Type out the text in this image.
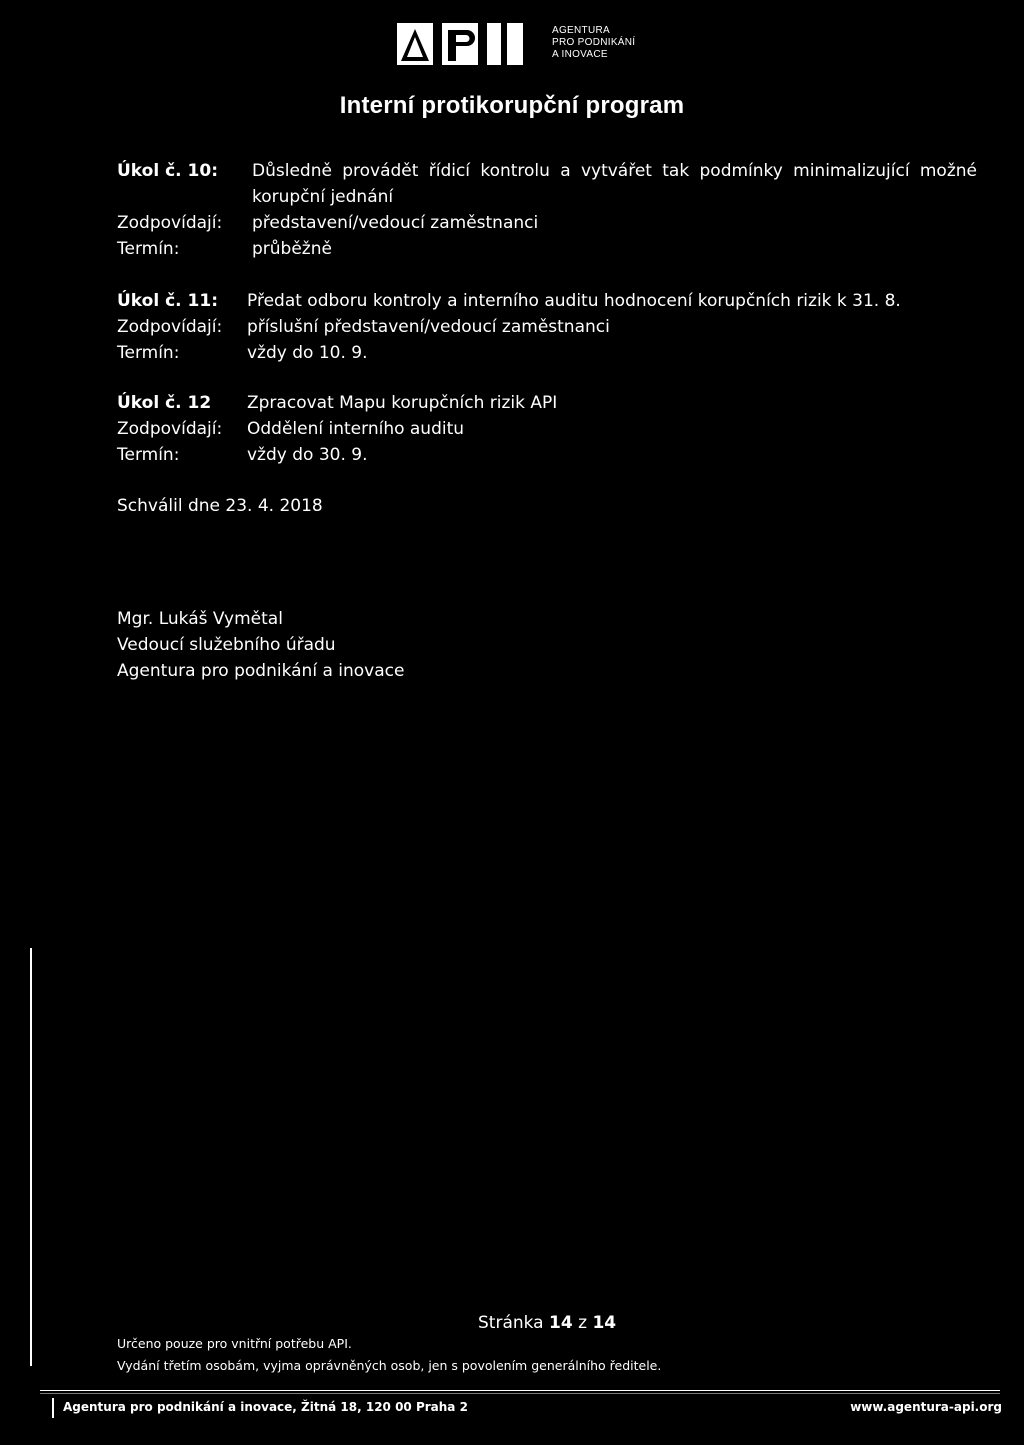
AGENTURA
PRO PODNIKÁNÍ
A INOVACE
Interní protikorupční program
Úkol č. 10:	Důsledně provádět řídicí kontrolu a vytvářet tak podmínky minimalizující možné korupční jednání
Zodpovídají:	představení/vedoucí zaměstnanci
Termín:	průběžně
Úkol č. 11:	Předat odboru kontroly a interního auditu hodnocení korupčních rizik k 31. 8.
Zodpovídají:	příslušní představení/vedoucí zaměstnanci
Termín:	vždy do 10. 9.
Úkol č. 12	Zpracovat Mapu korupčních rizik API
Zodpovídají:	Oddělení interního auditu
Termín:	vždy do 30. 9.
Schválil dne 23. 4. 2018
Mgr. Lukáš Vymětal
Vedoucí služebního úřadu
Agentura pro podnikání a inovace
Stránka 14 z 14
Určeno pouze pro vnitřní potřebu API.
Vydání třetím osobám, vyjma oprávněných osob, jen s povolením generálního ředitele.
Agentura pro podnikání a inovace, Žitná 18, 120 00 Praha 2	www.agentura-api.org
